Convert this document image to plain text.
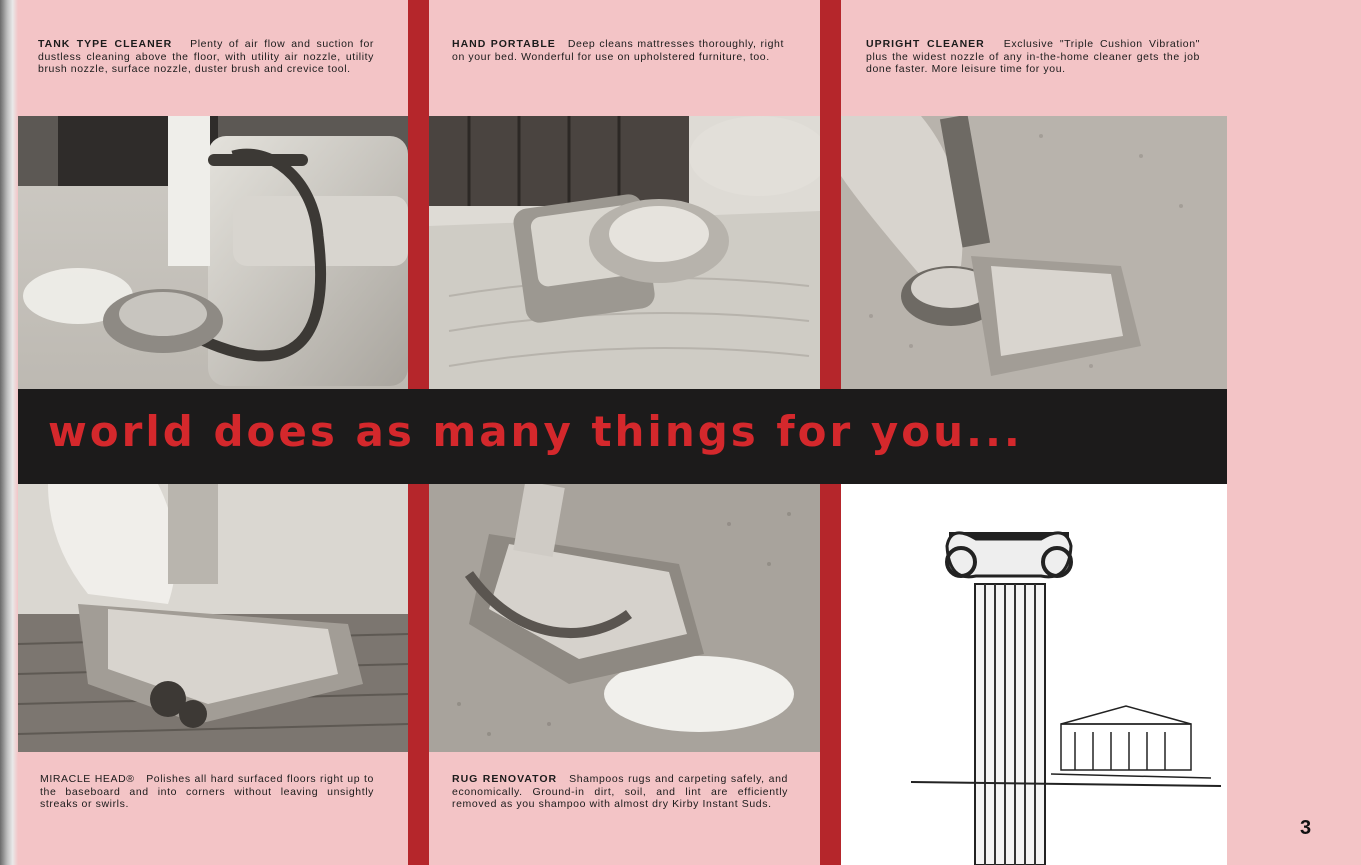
TANK TYPE CLEANER Plenty of air flow and suction for dustless cleaning above the floor, with utility air nozzle, utility brush nozzle, surface nozzle, duster brush and crevice tool.
HAND PORTABLE Deep cleans mattresses thoroughly, right on your bed. Wonderful for use on upholstered furniture, too.
UPRIGHT CLEANER Exclusive "Triple Cushion Vibration" plus the widest nozzle of any in-the-home cleaner gets the job done faster. More leisure time for you.
world does as many things for you...
MIRACLE HEAD® Polishes all hard surfaced floors right up to the baseboard and into corners without leaving unsightly streaks or swirls.
RUG RENOVATOR Shampoos rugs and carpeting safely, and economically. Ground-in dirt, soil, and lint are efficiently removed as you shampoo with almost dry Kirby Instant Suds.
3
